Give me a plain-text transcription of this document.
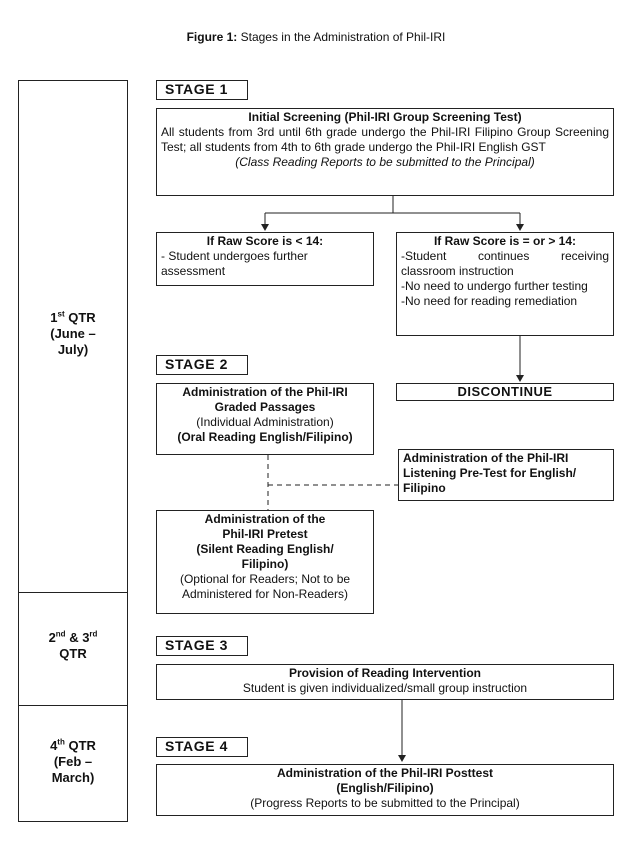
Figure 1: Stages in the Administration of Phil-IRI
1st QTR
(June –
July)
2nd & 3rd
QTR
4th QTR
(Feb –
March)
STAGE 1
Initial Screening (Phil-IRI Group Screening Test)
All students from 3rd until 6th grade undergo the Phil-IRI Filipino Group Screening Test; all students from 4th to 6th grade undergo the Phil-IRI English GST
(Class Reading Reports to be submitted to the Principal)
If Raw Score is < 14:
- Student undergoes further assessment
If Raw Score is = or > 14:
-Student continues receiving classroom instruction
-No need to undergo further testing
-No need for reading remediation
STAGE 2
DISCONTINUE
Administration of the Phil-IRI
Graded Passages
(Individual Administration)
(Oral Reading English/Filipino)
Administration of the Phil-IRI Listening Pre-Test for English/ Filipino
Administration of the
Phil-IRI Pretest
(Silent Reading English/
Filipino)
(Optional for Readers; Not to be
Administered for Non-Readers)
STAGE 3
Provision of Reading Intervention
Student is given individualized/small group instruction
STAGE 4
Administration of the Phil-IRI Posttest
(English/Filipino)
(Progress Reports to be submitted to the Principal)
